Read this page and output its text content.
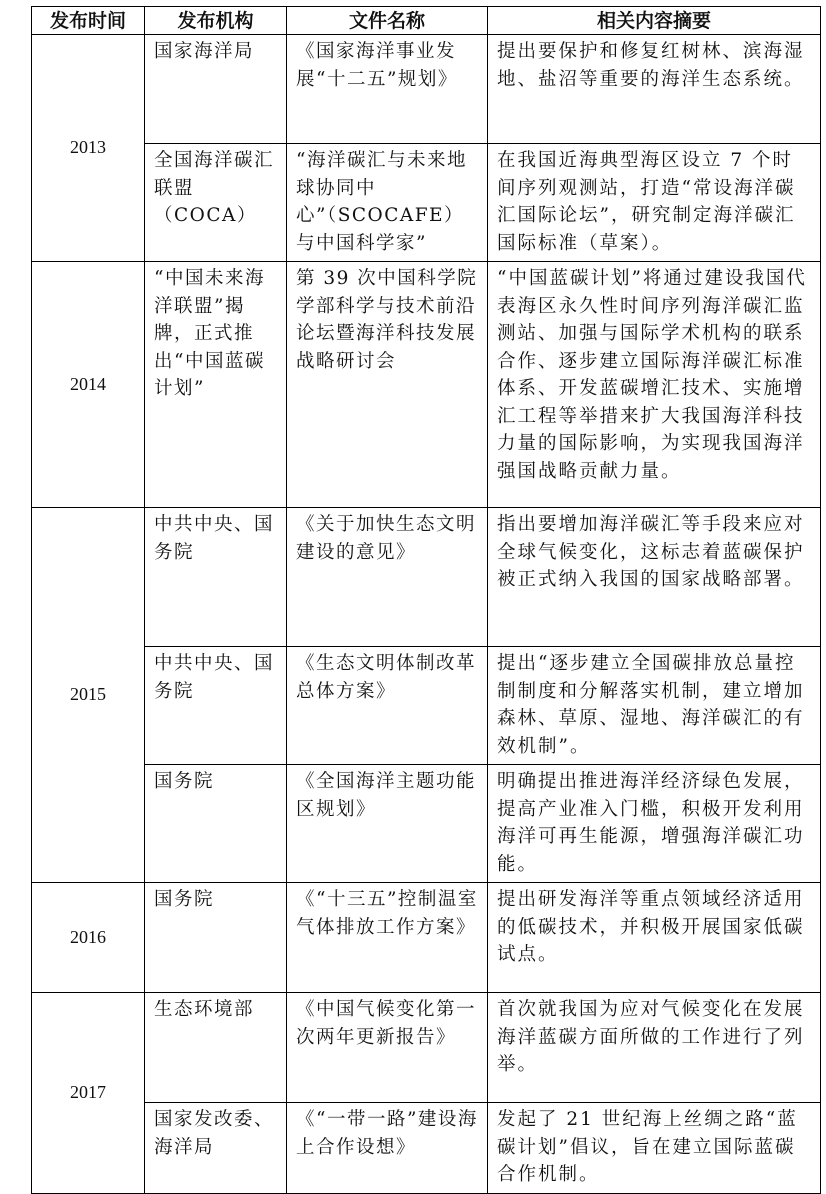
发布时间	发布机构	文件名称	相关内容摘要
2013	国家海洋局	《国家海洋事业发展“十二五”规划》	提出要保护和修复红树林、滨海湿地、盐沼等重要的海洋生态系统。
	全国海洋碳汇联盟（COCA）	“海洋碳汇与未来地球协同中心”（SCOCAFE）与中国科学家”	在我国近海典型海区设立 7 个时间序列观测站，打造“常设海洋碳汇国际论坛”，研究制定海洋碳汇国际标准（草案）。
2014	“中国未来海洋联盟”揭牌，正式推出“中国蓝碳计划”	第 39 次中国科学院学部科学与技术前沿论坛暨海洋科技发展战略研讨会	“中国蓝碳计划”将通过建设我国代表海区永久性时间序列海洋碳汇监测站、加强与国际学术机构的联系合作、逐步建立国际海洋碳汇标准体系、开发蓝碳增汇技术、实施增汇工程等举措来扩大我国海洋科技力量的国际影响，为实现我国海洋强国战略贡献力量。
2015	中共中央、国务院	《关于加快生态文明建设的意见》	指出要增加海洋碳汇等手段来应对全球气候变化，这标志着蓝碳保护被正式纳入我国的国家战略部署。
	中共中央、国务院	《生态文明体制改革总体方案》	提出“逐步建立全国碳排放总量控制制度和分解落实机制，建立增加森林、草原、湿地、海洋碳汇的有效机制”。
	国务院	《全国海洋主题功能区规划》	明确提出推进海洋经济绿色发展，提高产业准入门槛，积极开发利用海洋可再生能源，增强海洋碳汇功能。
2016	国务院	《“十三五”控制温室气体排放工作方案》	提出研发海洋等重点领域经济适用的低碳技术，并积极开展国家低碳试点。
2017	生态环境部	《中国气候变化第一次两年更新报告》	首次就我国为应对气候变化在发展海洋蓝碳方面所做的工作进行了列举。
	国家发改委、海洋局	《“一带一路”建设海上合作设想》	发起了 21 世纪海上丝绸之路“蓝碳计划”倡议，旨在建立国际蓝碳合作机制。
